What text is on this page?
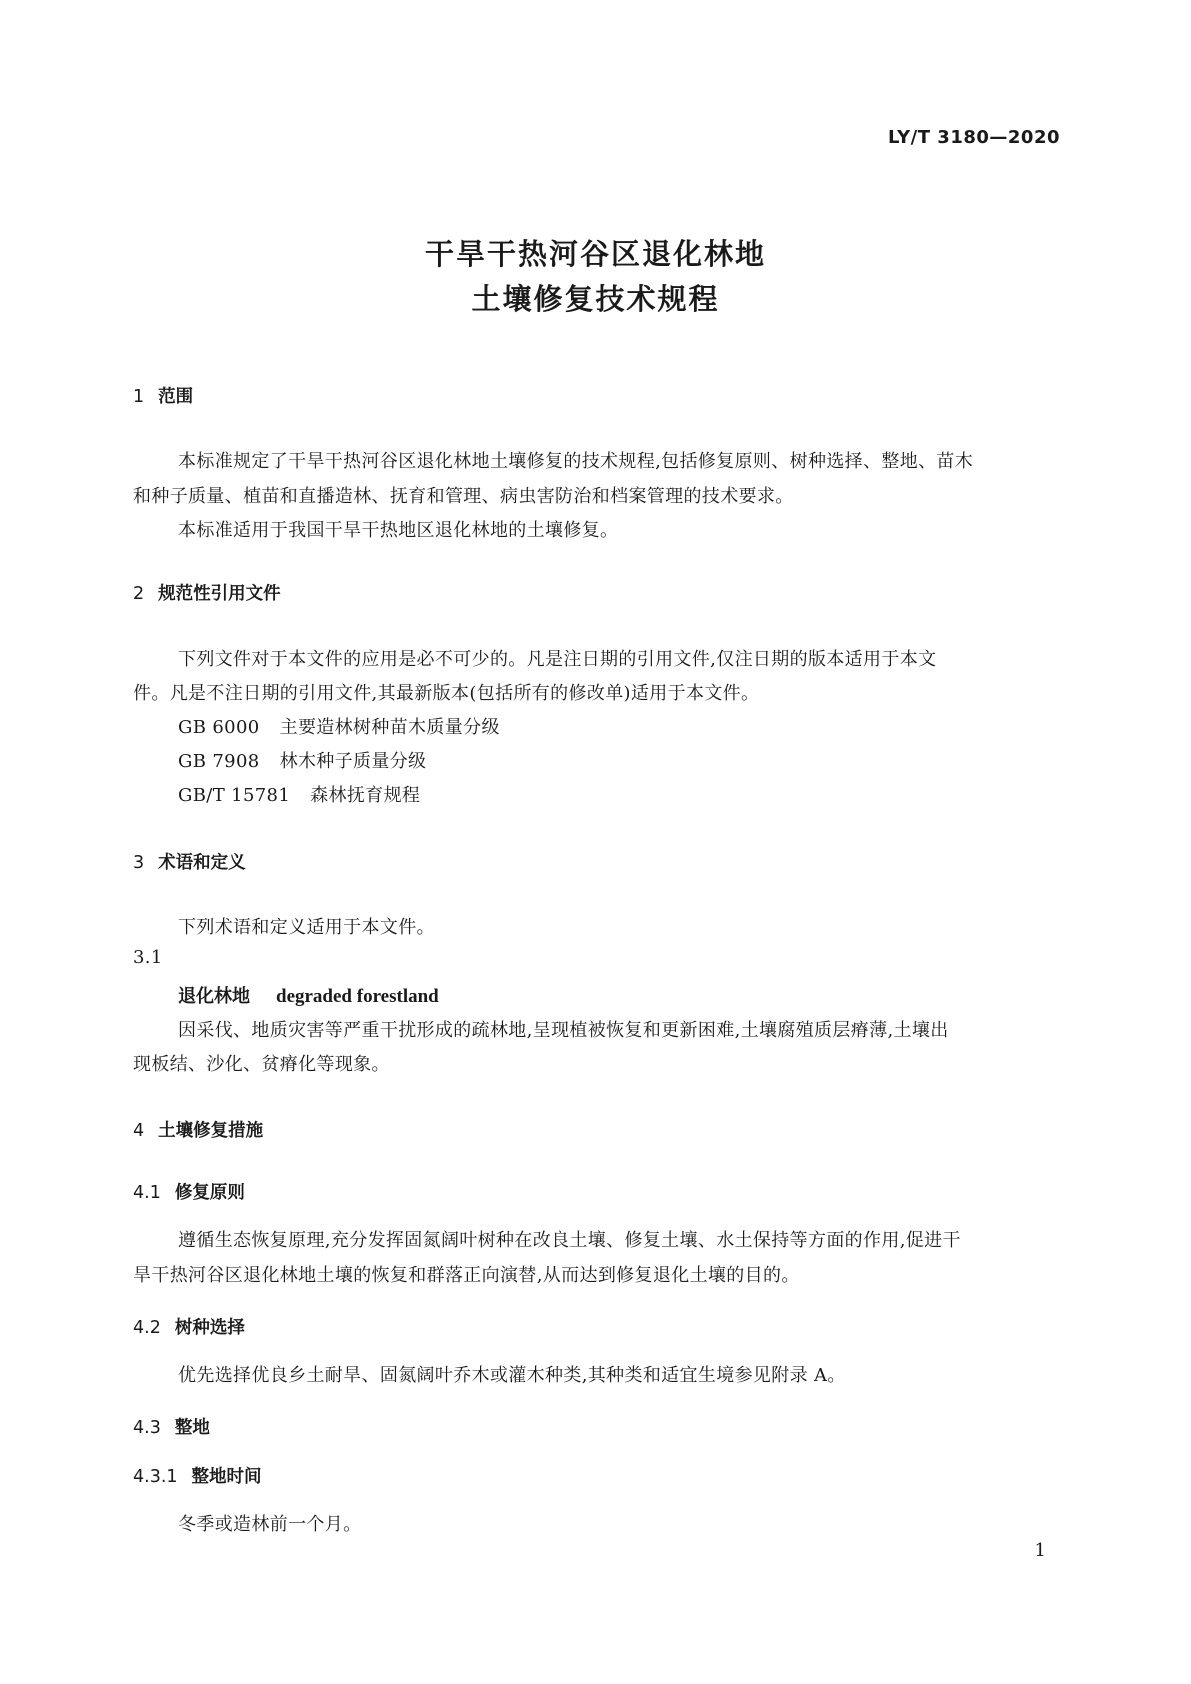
LY/T 3180—2020
干旱干热河谷区退化林地
土壤修复技术规程
1 范围
本标准规定了干旱干热河谷区退化林地土壤修复的技术规程,包括修复原则、树种选择、整地、苗木
和种子质量、植苗和直播造林、抚育和管理、病虫害防治和档案管理的技术要求。
本标准适用于我国干旱干热地区退化林地的土壤修复。
2 规范性引用文件
下列文件对于本文件的应用是必不可少的。凡是注日期的引用文件,仅注日期的版本适用于本文
件。凡是不注日期的引用文件,其最新版本(包括所有的修改单)适用于本文件。
GB 6000 主要造林树种苗木质量分级
GB 7908 林木种子质量分级
GB/T 15781 森林抚育规程
3 术语和定义
下列术语和定义适用于本文件。
3.1
退化林地 degraded forestland
因采伐、地质灾害等严重干扰形成的疏林地,呈现植被恢复和更新困难,土壤腐殖质层瘠薄,土壤出
现板结、沙化、贫瘠化等现象。
4 土壤修复措施
4.1 修复原则
遵循生态恢复原理,充分发挥固氮阔叶树种在改良土壤、修复土壤、水土保持等方面的作用,促进干
旱干热河谷区退化林地土壤的恢复和群落正向演替,从而达到修复退化土壤的目的。
4.2 树种选择
优先选择优良乡土耐旱、固氮阔叶乔木或灌木种类,其种类和适宜生境参见附录 A。
4.3 整地
4.3.1 整地时间
冬季或造林前一个月。
1
